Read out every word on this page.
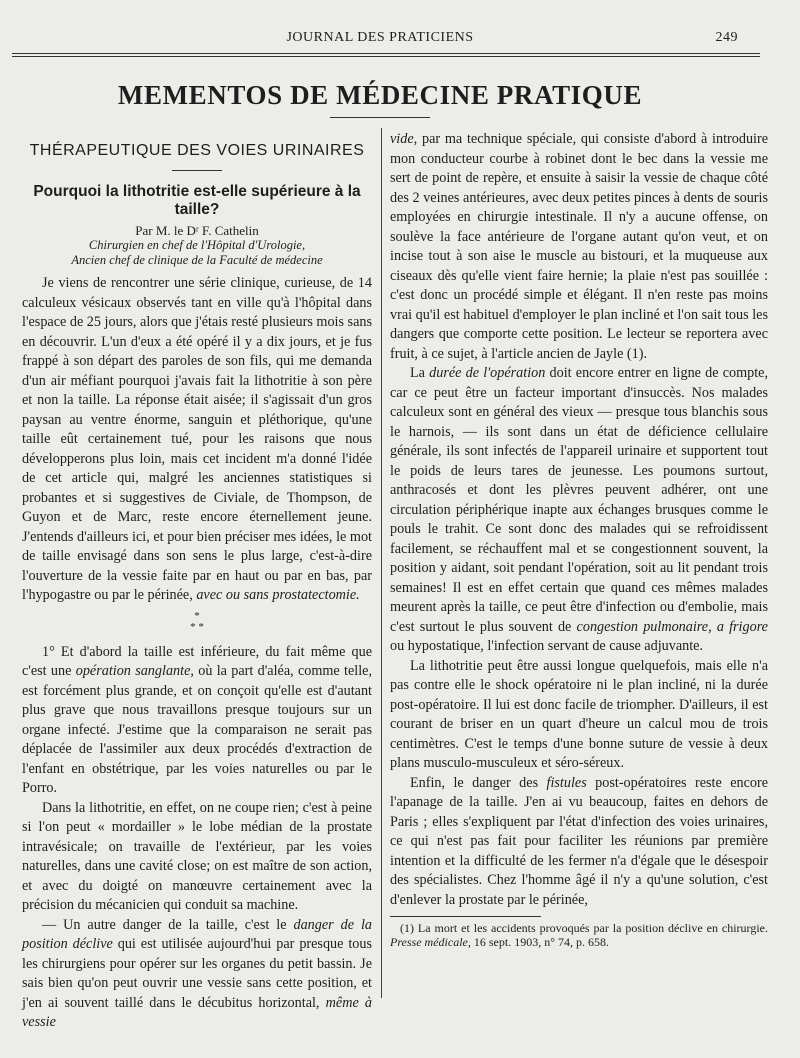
JOURNAL DES PRATICIENS	249
MEMENTOS DE MÉDECINE PRATIQUE
THÉRAPEUTIQUE DES VOIES URINAIRES
Pourquoi la lithotritie est-elle supérieure à la taille?
Par M. le Dʳ F. Cathelin
Chirurgien en chef de l'Hôpital d'Urologie,
Ancien chef de clinique de la Faculté de médecine

Je viens de rencontrer une série clinique, curieuse, de 14 calculeux vésicaux observés tant en ville qu'à l'hôpital dans l'espace de 25 jours, alors que j'étais resté plusieurs mois sans en découvrir. L'un d'eux a été opéré il y a dix jours, et je fus frappé à son départ des paroles de son fils, qui me demanda d'un air méfiant pourquoi j'avais fait la lithotritie à son père et non la taille. La réponse était aisée; il s'agissait d'un gros paysan au ventre énorme, sanguin et pléthorique, qu'une taille eût certainement tué, pour les raisons que nous développerons plus loin, mais cet incident m'a donné l'idée de cet article qui, malgré les anciennes statistiques si probantes et si suggestives de Civiale, de Thompson, de Guyon et de Marc, reste encore éternellement jeune. J'entends d'ailleurs ici, et pour bien préciser mes idées, le mot de taille envisagé dans son sens le plus large, c'est-à-dire l'ouverture de la vessie faite par en haut ou par en bas, par l'hypogastre ou par le périnée, avec ou sans prostatectomie.

*
* *

1° Et d'abord la taille est inférieure, du fait même que c'est une opération sanglante, où la part d'aléa, comme telle, est forcément plus grande, et on conçoit qu'elle est d'autant plus grave que nous travaillons presque toujours sur un organe infecté. J'estime que la comparaison ne serait pas déplacée de l'assimiler aux deux procédés d'extraction de l'enfant en obstétrique, par les voies naturelles ou par le Porro.

Dans la lithotritie, en effet, on ne coupe rien; c'est à peine si l'on peut « mordailler » le lobe médian de la prostate intravésicale; on travaille de l'extérieur, par les voies naturelles, dans une cavité close; on est maître de son action, et avec du doigté on manœuvre certainement avec la précision du mécanicien qui conduit sa machine.

— Un autre danger de la taille, c'est le danger de la position déclive qui est utilisée aujourd'hui par presque tous les chirurgiens pour opérer sur les organes du petit bassin. Je sais bien qu'on peut ouvrir une vessie sans cette position, et j'en ai souvent taillé dans le décubitus horizontal, même à vessie

vide, par ma technique spéciale, qui consiste d'abord à introduire mon conducteur courbe à robinet dont le bec dans la vessie me sert de point de repère, et ensuite à saisir la vessie de chaque côté des 2 veines antérieures, avec deux petites pinces à dents de souris employées en chirurgie intestinale. Il n'y a aucune offense, on soulève la face antérieure de l'organe autant qu'on veut, et on incise tout à son aise le muscle au bistouri, et la muqueuse aux ciseaux dès qu'elle vient faire hernie; la plaie n'est pas souillée : c'est donc un procédé simple et élégant. Il n'en reste pas moins vrai qu'il est habituel d'employer le plan incliné et l'on sait tous les dangers que comporte cette position. Le lecteur se reportera avec fruit, à ce sujet, à l'article ancien de Jayle (1).

La durée de l'opération doit encore entrer en ligne de compte, car ce peut être un facteur important d'insuccès. Nos malades calculeux sont en général des vieux — presque tous blanchis sous le harnois, — ils sont dans un état de déficience cellulaire générale, ils sont infectés de l'appareil urinaire et supportent tout le poids de leurs tares de jeunesse. Les poumons surtout, anthracosés et dont les plèvres peuvent adhérer, ont une circulation périphérique inapte aux échanges brusques comme le pouls le trahit. Ce sont donc des malades qui se refroidissent facilement, se réchauffent mal et se congestionnent souvent, la position y aidant, soit pendant l'opération, soit au lit pendant trois semaines! Il est en effet certain que quand ces mêmes malades meurent après la taille, ce peut être d'infection ou d'embolie, mais c'est surtout le plus souvent de congestion pulmonaire, a frigore ou hypostatique, l'infection servant de cause adjuvante.

La lithotritie peut être aussi longue quelquefois, mais elle n'a pas contre elle le shock opératoire ni le plan incliné, ni la durée post-opératoire. Il lui est donc facile de triompher. D'ailleurs, il est courant de briser en un quart d'heure un calcul mou de trois centimètres. C'est le temps d'une bonne suture de vessie à deux plans musculo-musculeux et séro-séreux.

Enfin, le danger des fistules post-opératoires reste encore l'apanage de la taille. J'en ai vu beaucoup, faites en dehors de Paris ; elles s'expliquent par l'état d'infection des voies urinaires, ce qui n'est pas fait pour faciliter les réunions par première intention et la difficulté de les fermer n'a d'égale que le désespoir des spécialistes. Chez l'homme âgé il n'y a qu'une solution, c'est d'enlever la prostate par le périnée,

(1) La mort et les accidents provoqués par la position déclive en chirurgie. Presse médicale, 16 sept. 1903, n° 74, p. 658.
